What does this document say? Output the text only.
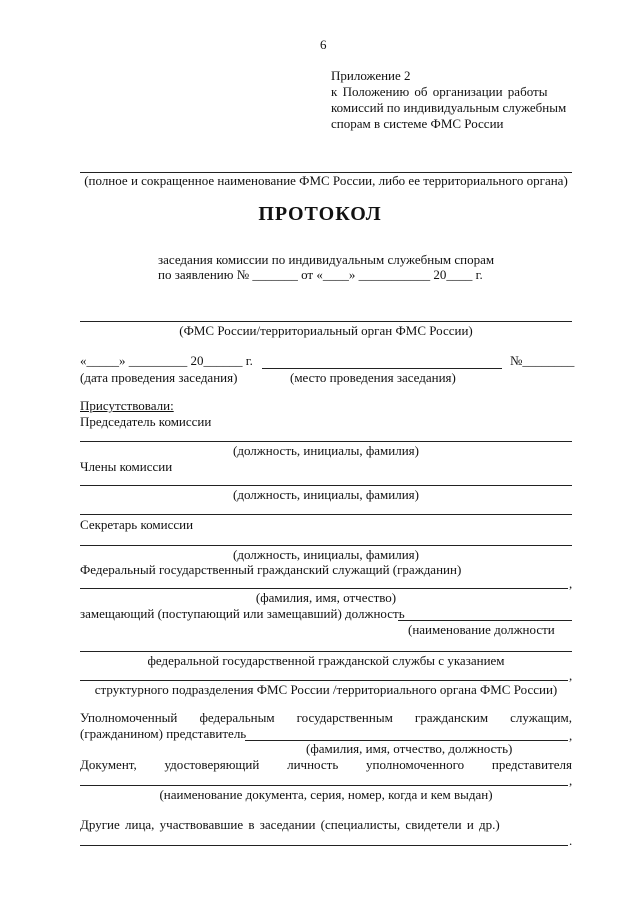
6
Приложение 2
к Положению об организации работы
комиссий по индивидуальным служебным
спорам в системе ФМС России
(полное и сокращенное наименование ФМС России, либо ее территориального органа)
ПРОТОКОЛ
заседания комиссии по индивидуальным служебным спорам
по заявлению № _______ от «____» ___________ 20____ г.
(ФМС России/территориальный орган ФМС России)
«_____» _________ 20______ г.	№________
(дата проведения заседания)	(место проведения заседания)
Присутствовали:
Председатель комиссии
(должность, инициалы, фамилия)
Члены комиссии
(должность, инициалы, фамилия)
Секретарь комиссии
(должность, инициалы, фамилия)
Федеральный государственный гражданский служащий (гражданин)
,
(фамилия, имя, отчество)
замещающий (поступающий или замещавший) должность
(наименование должности
федеральной государственной гражданской службы с указанием
,
структурного подразделения ФМС России /территориального органа ФМС России)
Уполномоченный федеральным государственным гражданским служащим,
(гражданином) представитель	,
(фамилия, имя, отчество, должность)
Документ, удостоверяющий личность уполномоченного представителя
,
(наименование документа, серия, номер, когда и кем выдан)
Другие лица, участвовавшие в заседании (специалисты, свидетели и др.)
.
